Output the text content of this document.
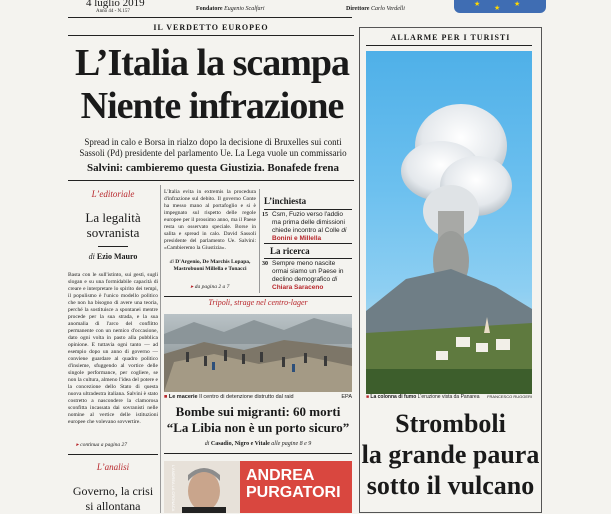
4 luglio 2019
Anno 44 - N.157	Fondatore Eugenio Scalfari	Direttore Carlo Verdelli
★ ★ ★
IL VERDETTO EUROPEO
L’Italia la scampa
Niente infrazione
Spread in calo e Borsa in rialzo dopo la decisione di Bruxelles sui conti
Sassoli (Pd) presidente del parlamento Ue. La Lega vuole un commissario
Salvini: cambieremo questa Giustizia. Bonafede frena
L’editoriale
La legalità
sovranista
di Ezio Mauro
Basta con le sull'istinto, sui gesti, sugli slogan e su una formidabile capacità di creare e interpretare lo spirito dei tempi, il populismo è l'unico modello politico che non ha bisogno di avere una teoria, perché la sostituisce a spontanei mentre procede per la sua strada, e la sua anomalia di l'arco del conflitto permanente con un nemico d'occasione, dato ogni volta in pasto alla pubblica opinione. E tuttavia ogni tanto — ad esempio dopo un anno di governo — conviene guardare al quadro politico d'insieme, sfuggendo al vortice delle singole performance, per cogliere, se non la cultura, almeno l'idea del potere e la concezione dello Stato di questa nuova ultradestra italiana. Salvini è stato costretto a nascondere la clamorosa sconfitta incassata dai sovranisti nelle nomine al vertice delle istituzioni europee che volevano sovvertire.
▸ continua a pagina 27
L’analisi
Governo, la crisi
si allontana
L'Italia evita in extremis la procedura d'infrazione sul debito. Il governo Conte ha messo mano al portafoglio e si è impegnato sul rispetto delle regole europee per il prossimo anno, ma il Paese resta un osservato speciale. Borse in salita e spread in calo. David Sassoli presidente del parlamento Ue. Salvini: «Cambieremo la Giustizia».
di D'Argenio, De Marchis Lopapa, Mastrobuoni Millella e Tonacci
▸ da pagina 2 a 7
L’inchiesta
15 Csm, Fuzio verso l'addio ma prima delle dimissioni chiede incontro al Colle di Bonini e Millella
La ricerca
30 Sempre meno nascite ormai siamo un Paese in declino demografico di Chiara Saraceno
Tripoli, strage nel centro-lager
■ Le macerie Il centro di detenzione distrutto dal raid	EPA
Bombe sui migranti: 60 morti
“La Libia non è un porto sicuro”
di Casadio, Nigro e Vitale alle pagine 8 e 9
L'ANDREA LA CRONACA	ANDREA
PURGATORI
ALLARME PER I TURISTI
■ La colonna di fumo L'eruzione vista da Panarea FRANCESCO RUGGERI
Stromboli
la grande paura
sotto il vulcano
